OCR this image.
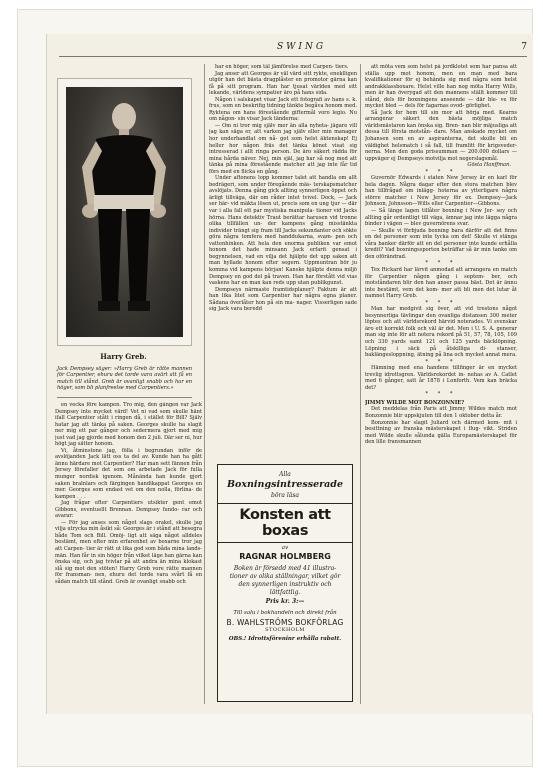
SWING	7
Harry Greb.
Jack Dempsey säger: »Harry Greb är rätte mannen för Carpentier, ehuru det torde vara avärt att få en match till stånd. Greb är ovanligt snabb och har en höger, som bli planfreelse med Carpentiers.»

en vecka före kampen. Tro mig, den gången var Jack Dempsey inte mycket värd! Vet ni vad som skulle hänt ifall Carpentier stått i ringen då, i stället för Bill? Själv hatar jag att tänka på saken. Georges skulle ha slagit ner mig ett par gånger och sedermera gjort med mig just vad jag gjorde med honom den 2 juli. Där ser ni, hur högt jag sätter honom.

Vi, åtminstone jag, fölla i begrundan inför de avslöjanden Jack lätt oss ta del av. Kunde han ha gått ännu härdare mot Carpentier? Har man sett fännen från Jersey förefaller det som om arbetade Jack för fulla munger nordisk igenom. Månända han kunde gjort saken bralnlars och färgingen handikappat Georges en mer. Georges som endast vet om den nolla, förlina- de kampen . . .

Jag frågar efter Carpentiers utsikter gent emot Gibbons, eventuellt Brennan. Dempsey fundo- rar och avarar:

— För jag anses som något slags orakel, skulle jag vilja utrycka min åsikt så: Georges är i stånd att besegra både Tom och Bill. Omöj- ligt att säga något alldeles bestämt, men efter min erfarenhet av boxarne tror jag att Carpen- tier är rätt ut lika god som båda mina lands- män. Han får in sin höger från vilket läge han gärna kan önska sig, och jag tvivlar på att andra än mina klokast slå sig mot den stöten! Harry Greb vore rätte mannen för fransman- nen, ehuru det torde vara svårt få en sådan match till stånd. Greb är ovanligt snabb och

har en höger, som tål jämförelse med Carpen- tiers.

Jag anser att Georges är väl värd sitt rykte, eneklligen utgör han det bästa dragplåster en promotor gärna kan få på sitt program. Han har tjusat världen med sitt lekande, världens sympatier äro på hans sida.

Någon i salskapet visar Jack ett fotografi av hans s. k. frus, som en beskrifig tidning tänkte begåva honom med. Ryktena om hans förestående giftermål voro legio. Nu om någon- sin visar Jack tänderna:

— Om ni tror mig själv mer än alla nyheta- jägare vill jag kan säga er, att varken jag själv eller min manager hor underhandlat om nå- got som helst äktenskap! Ej heller hor någon fräs det tänka könet visat sig intresserad i allt ringa person. De äro säkert rädda för mina hårda näver. Nej, min själ, jag har så nog med att tänka på mina förestående matcher att jag inte får tid förs med en flicka en gång.

Under aftonens lopp kommer talet att handla om allt bedrägeri, som under föregående mäs- terskapsmatcher avslöjats. Denna gång gick allting synnerligen öppet och ärligt tillväga, där om råder intet tvivel. Dock, — Jack ser här- vid mäkta lösen ut, precis som en ung tjur — där var i alla fall ett par mystiska manipula- tioner vid Jacks hörna. Hans detektiv Traut berättar harusen vid tronne olika tillfällen un- der kampens gång misstänkta individer trängt sig fram till Jacks sekundanter och sökte göra några tomfera med handdukarna, svam- pen och vattenhinken. Att hela den enorma publiken var emot honom det hade minsann Jack erfarit gensat i begynnelsen, vad en vilja det hjälpte det upp saken att man hyllade honom efter segern. Uppmuntran bör ju komma vid kampens början! Kanske hjälpte denna miljö Dempsey en god del på traven. Han har förstått vid vias vaskens har en man kan reds upp utan publikgunst.

Dempseys närmaste framtidsplaner? Faktum är att han lika litet som Carpentier har några egna planer. Sådana överlåter hon på sin ma- nager. Visserligen sade sig Jack vara beredd

Alla
Boxningsintresserade
böra läsa
Konsten att boxas
av
RAGNAR HOLMBERG
Boken är försedd med 41 illustra- tioner av olika ställningar, vilket gör den synnerligen instruktiv och lättfattlig.
Pris kr. 3:—
Till salu i bokhandeln och direkt från
B. WAHLSTRÖMS BOKFÖRLAG
STOCKHOLM
OBS.! Idrottsföreninr erhålla rabatt.

att möta vem som helst på jordklotet som har pansa att ställa upp mot honom, men en man med bara kvalifikationer för ej behända sig med några som helst andrakklassboxare. Helst ville han nog möta Harry Wills, men är han överygad att den mannens ställt kommer till stånd, dels för boxningens anseende — där ble- ve för mycket bled — dels för fagarnas ovod- görlighet.

Så Jack for hem till sin mor att börja med. Kearns arrangerar säkert den bästa möjliga match världsmästaren kan önska sig. Bren- nan blir mäjusliga att dessa till första motstån- dare. Man anskade mycket om Johansen som en av aspiranterna, det skulle bli en väldighet helsmatch i så fall, till framlitt för krigsveder- nerna. Men den goda prissumman — 200.000 dollars — uppväger ej Dempseys motvilja mot negerslagsmål.

Gösta Hanffman.

* * *

Guvernör Edwards i staten New Jersey är en karl för hela dagen. Några dagar efter den stora matchen blev han tillfrågad om inlägg- hoterna av ytterligare några större matcher i New Jersey för ex. Dempsey—Jack Johnson, Johnsson—Wills eller Carpentier—Gibbons.

— Så länge lagen tillåter boxning i New Jer- sey och allting går ordentligt till väga, ämnar jag inte lägga några binder i vägen — blev guvernörens svar.

— Skulle vi förbjuda boxning bara därför att det finns en del personer som inte tycka om det! Skulle vi stänga våra banker därför att en del personer inte kunde erhålla kredit? Vad boxningssporten beträffar så är min tanke om den oförändrad.

* * *

Tex Rickard har lärvit anmodad att arrangera en match för Carpentier någon gång i septem- ber, och motståndaren blir den han anser passa bäst. Det är ännu inte bestämt, vem det kom- mer att bli men det lutar åt namnet Harry Greb.

* * *

Man har medgivit sig över, att vid trestons något besynnerliga tävlingar den ovanliga distansen 300 meter löptes och att världsrekord härvid noterades. Vi svenskar äro ett korrekt folk och väl är det. Men i U. S. A. generar man sig inte för att notera rekord på 51, 57, 78, 105, 109 och 330 yards samt 121 och 125 yards bäcklöpning. Löpning i säck på åtskilliga di- stanser, baklängesloppning, ätning på lina och mycket annat mera.

* * *

Hämning med ena handens tillfinger är en mycket trevlig idrottsgren. Världsrekordet in- nehas av A. Catlet med 6 gånger, satt år 1878 i Lonforth. Vem kan bräcka det?

* * *

JIMMY WILDE MOT BONZONNIE?

Det meddelas från Paris att Jimmy Wildes match mot Bonzonnie blir uppskjuten till den 1 oktober detta år.

Bonzonnie har slagit Juliard och därmed kom- mit i besittning av franska mästerskapet i flug- vikt. Striden med Wilde skulle sålunda gälla Europamästerskapet för den lille fransmannen
